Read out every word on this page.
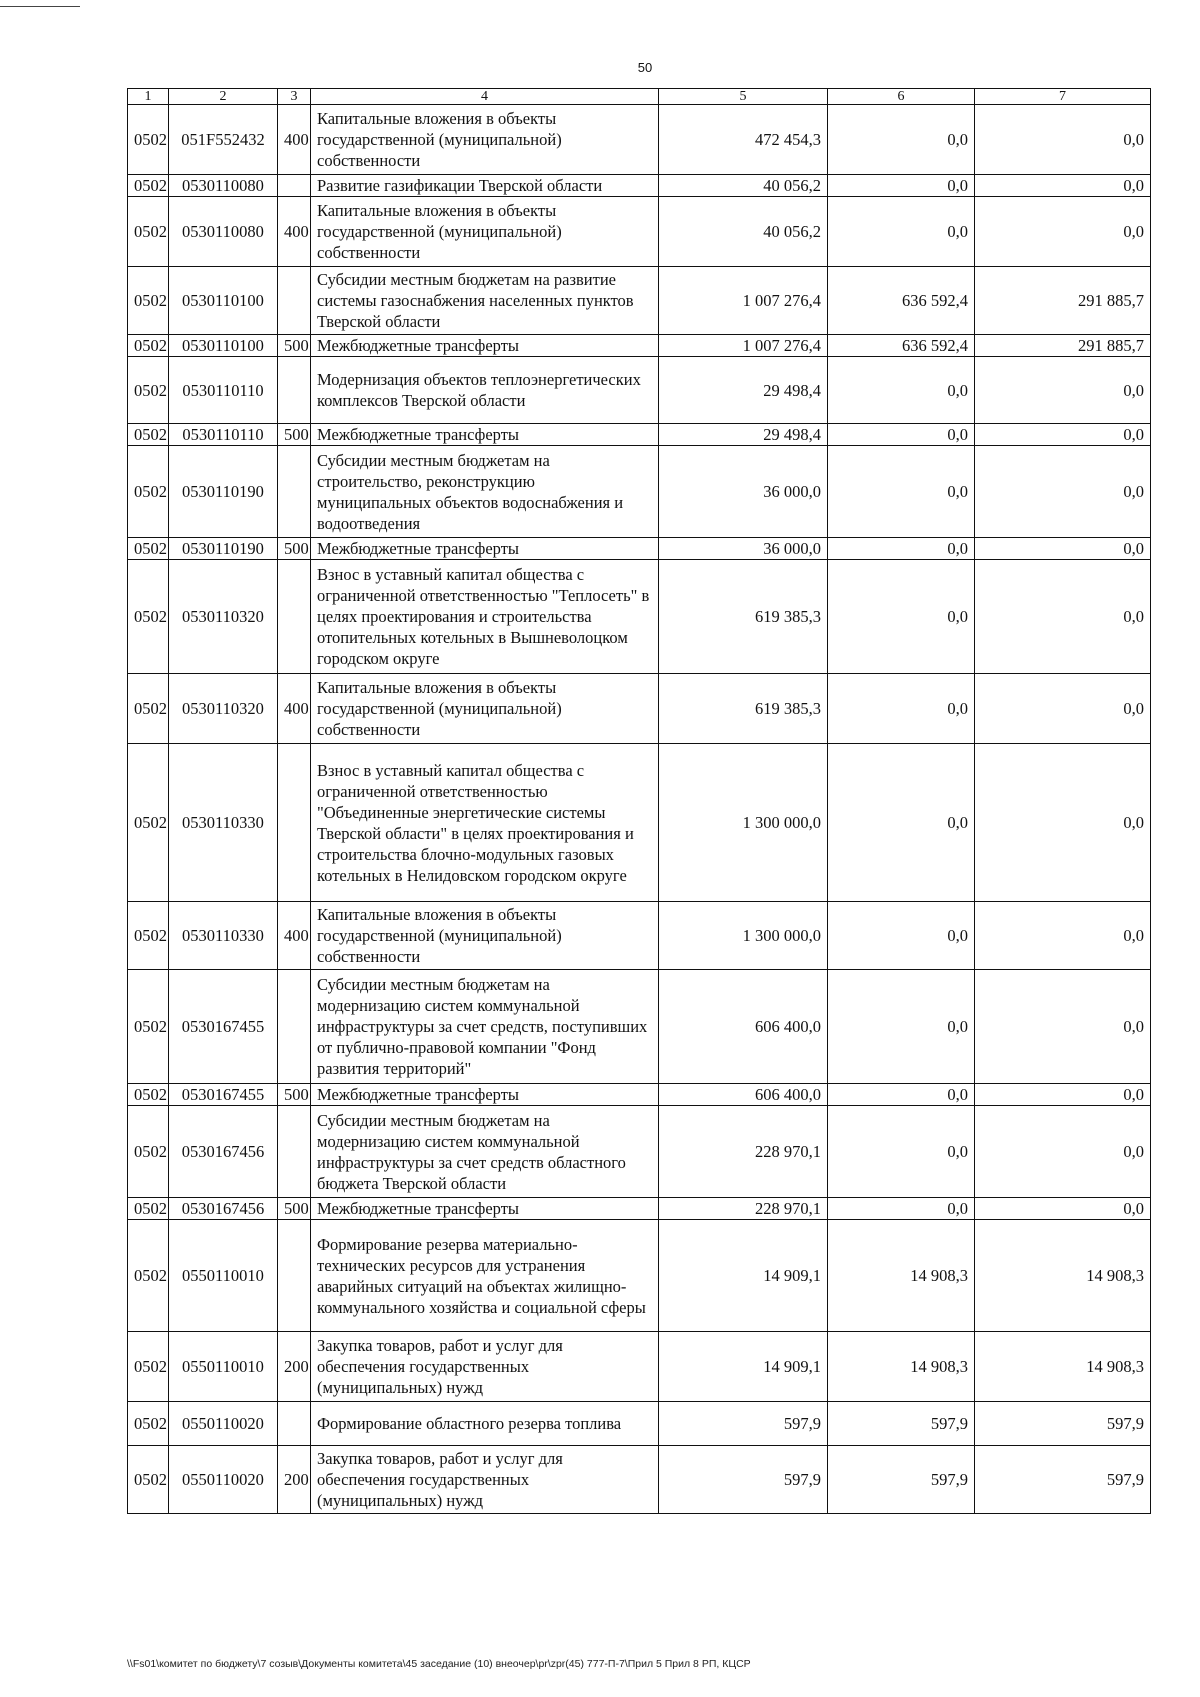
50
1	2	3	4	5	6	7
0502	051F552432	400	Капитальные вложения в объекты государственной (муниципальной) собственности	472 454,3	0,0	0,0
0502	0530110080		Развитие газификации Тверской области	40 056,2	0,0	0,0
0502	0530110080	400	Капитальные вложения в объекты государственной (муниципальной) собственности	40 056,2	0,0	0,0
0502	0530110100		Субсидии местным бюджетам на развитие системы газоснабжения населенных пунктов Тверской области	1 007 276,4	636 592,4	291 885,7
0502	0530110100	500	Межбюджетные трансферты	1 007 276,4	636 592,4	291 885,7
0502	0530110110		Модернизация объектов теплоэнергетических комплексов Тверской области	29 498,4	0,0	0,0
0502	0530110110	500	Межбюджетные трансферты	29 498,4	0,0	0,0
0502	0530110190		Субсидии местным бюджетам на строительство, реконструкцию муниципальных объектов водоснабжения и водоотведения	36 000,0	0,0	0,0
0502	0530110190	500	Межбюджетные трансферты	36 000,0	0,0	0,0
0502	0530110320		Взнос в уставный капитал общества с ограниченной ответственностью "Теплосеть" в целях проектирования и строительства отопительных котельных в Вышневолоцком городском округе	619 385,3	0,0	0,0
0502	0530110320	400	Капитальные вложения в объекты государственной (муниципальной) собственности	619 385,3	0,0	0,0
0502	0530110330		Взнос в уставный капитал общества с ограниченной ответственностью "Объединенные энергетические системы Тверской области" в целях проектирования и строительства блочно-модульных газовых котельных в Нелидовском городском округе	1 300 000,0	0,0	0,0
0502	0530110330	400	Капитальные вложения в объекты государственной (муниципальной) собственности	1 300 000,0	0,0	0,0
0502	0530167455		Субсидии местным бюджетам на модернизацию систем коммунальной инфраструктуры за счет средств, поступивших от публично-правовой компании "Фонд развития территорий"	606 400,0	0,0	0,0
0502	0530167455	500	Межбюджетные трансферты	606 400,0	0,0	0,0
0502	0530167456		Субсидии местным бюджетам на модернизацию систем коммунальной инфраструктуры за счет средств областного бюджета Тверской области	228 970,1	0,0	0,0
0502	0530167456	500	Межбюджетные трансферты	228 970,1	0,0	0,0
0502	0550110010		Формирование резерва материально-технических ресурсов для устранения аварийных ситуаций на объектах жилищно-коммунального хозяйства и социальной сферы	14 909,1	14 908,3	14 908,3
0502	0550110010	200	Закупка товаров, работ и услуг для обеспечения государственных (муниципальных) нужд	14 909,1	14 908,3	14 908,3
0502	0550110020		Формирование областного резерва топлива	597,9	597,9	597,9
0502	0550110020	200	Закупка товаров, работ и услуг для обеспечения государственных (муниципальных) нужд	597,9	597,9	597,9
\\Fs01\комитет по бюджету\7 созыв\Документы комитета\45 заседание (10) внеочер\pr\zpr(45) 777-П-7\Прил 5 Прил 8 РП, КЦСР
